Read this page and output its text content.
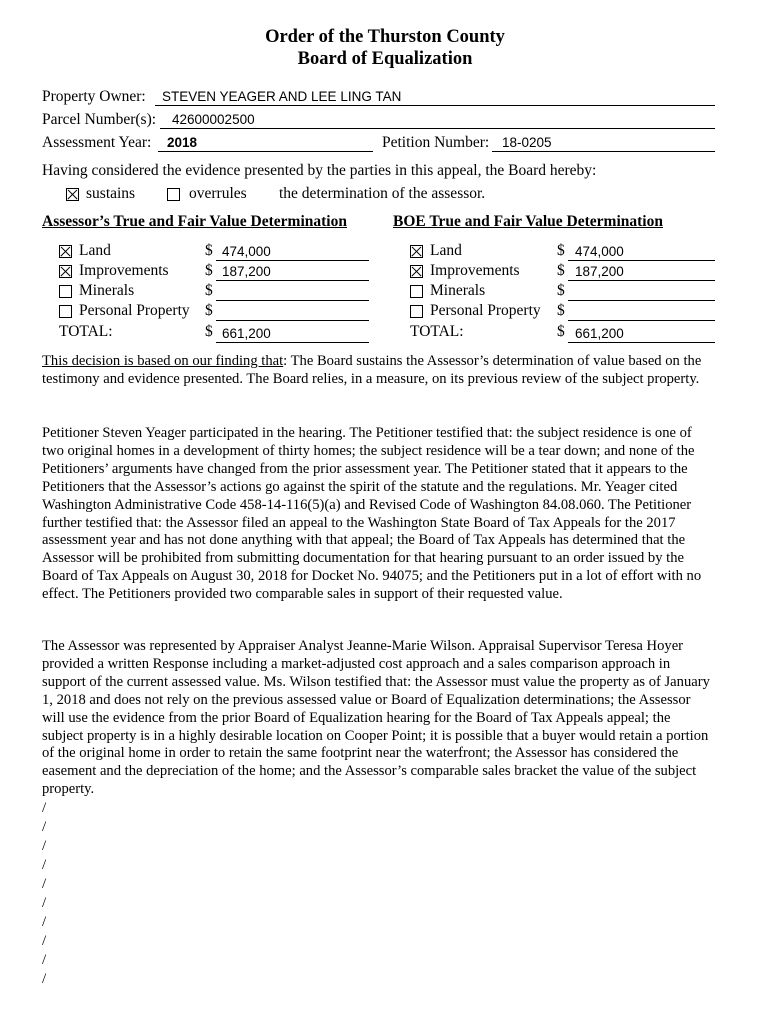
Order of the Thurston County
Board of Equalization
Property Owner: STEVEN YEAGER AND LEE LING TAN
Parcel Number(s): 42600002500
Assessment Year: 2018	Petition Number: 18-0205
Having considered the evidence presented by the parties in this appeal, the Board hereby:
sustains	overrules the determination of the assessor.
Assessor’s True and Fair Value Determination	BOE True and Fair Value Determination
Land	$ 474,000
Improvements $ 187,200
Minerals	$
Personal Property $
TOTAL:	$ 661,200
Land	$ 474,000
Improvements $ 187,200
Minerals	$
Personal Property $
TOTAL:	$ 661,200

This decision is based on our finding that: The Board sustains the Assessor’s determination of value based on the testimony and evidence presented. The Board relies, in a measure, on its previous review of the subject property.

Petitioner Steven Yeager participated in the hearing. The Petitioner testified that: the subject residence is one of two original homes in a development of thirty homes; the subject residence will be a tear down; and none of the Petitioners’ arguments have changed from the prior assessment year. The Petitioner stated that it appears to the Petitioners that the Assessor’s actions go against the spirit of the statute and the regulations. Mr. Yeager cited Washington Administrative Code 458-14-116(5)(a) and Revised Code of Washington 84.08.060. The Petitioner further testified that: the Assessor filed an appeal to the Washington State Board of Tax Appeals for the 2017 assessment year and has not done anything with that appeal; the Board of Tax Appeals has determined that the Assessor will be prohibited from submitting documentation for that hearing pursuant to an order issued by the Board of Tax Appeals on August 30, 2018 for Docket No. 94075; and the Petitioners put in a lot of effort with no effect. The Petitioners provided two comparable sales in support of their requested value.

The Assessor was represented by Appraiser Analyst Jeanne-Marie Wilson. Appraisal Supervisor Teresa Hoyer provided a written Response including a market-adjusted cost approach and a sales comparison approach in support of the current assessed value. Ms. Wilson testified that: the Assessor must value the property as of January 1, 2018 and does not rely on the previous assessed value or Board of Equalization determinations; the Assessor will use the evidence from the prior Board of Equalization hearing for the Board of Tax Appeals appeal; the subject property is in a highly desirable location on Cooper Point; it is possible that a buyer would retain a portion of the original home in order to retain the same footprint near the waterfront; the Assessor has considered the easement and the depreciation of the home; and the Assessor’s comparable sales bracket the value of the subject property.

/
/
/
/
/
/
/
/
/
/
